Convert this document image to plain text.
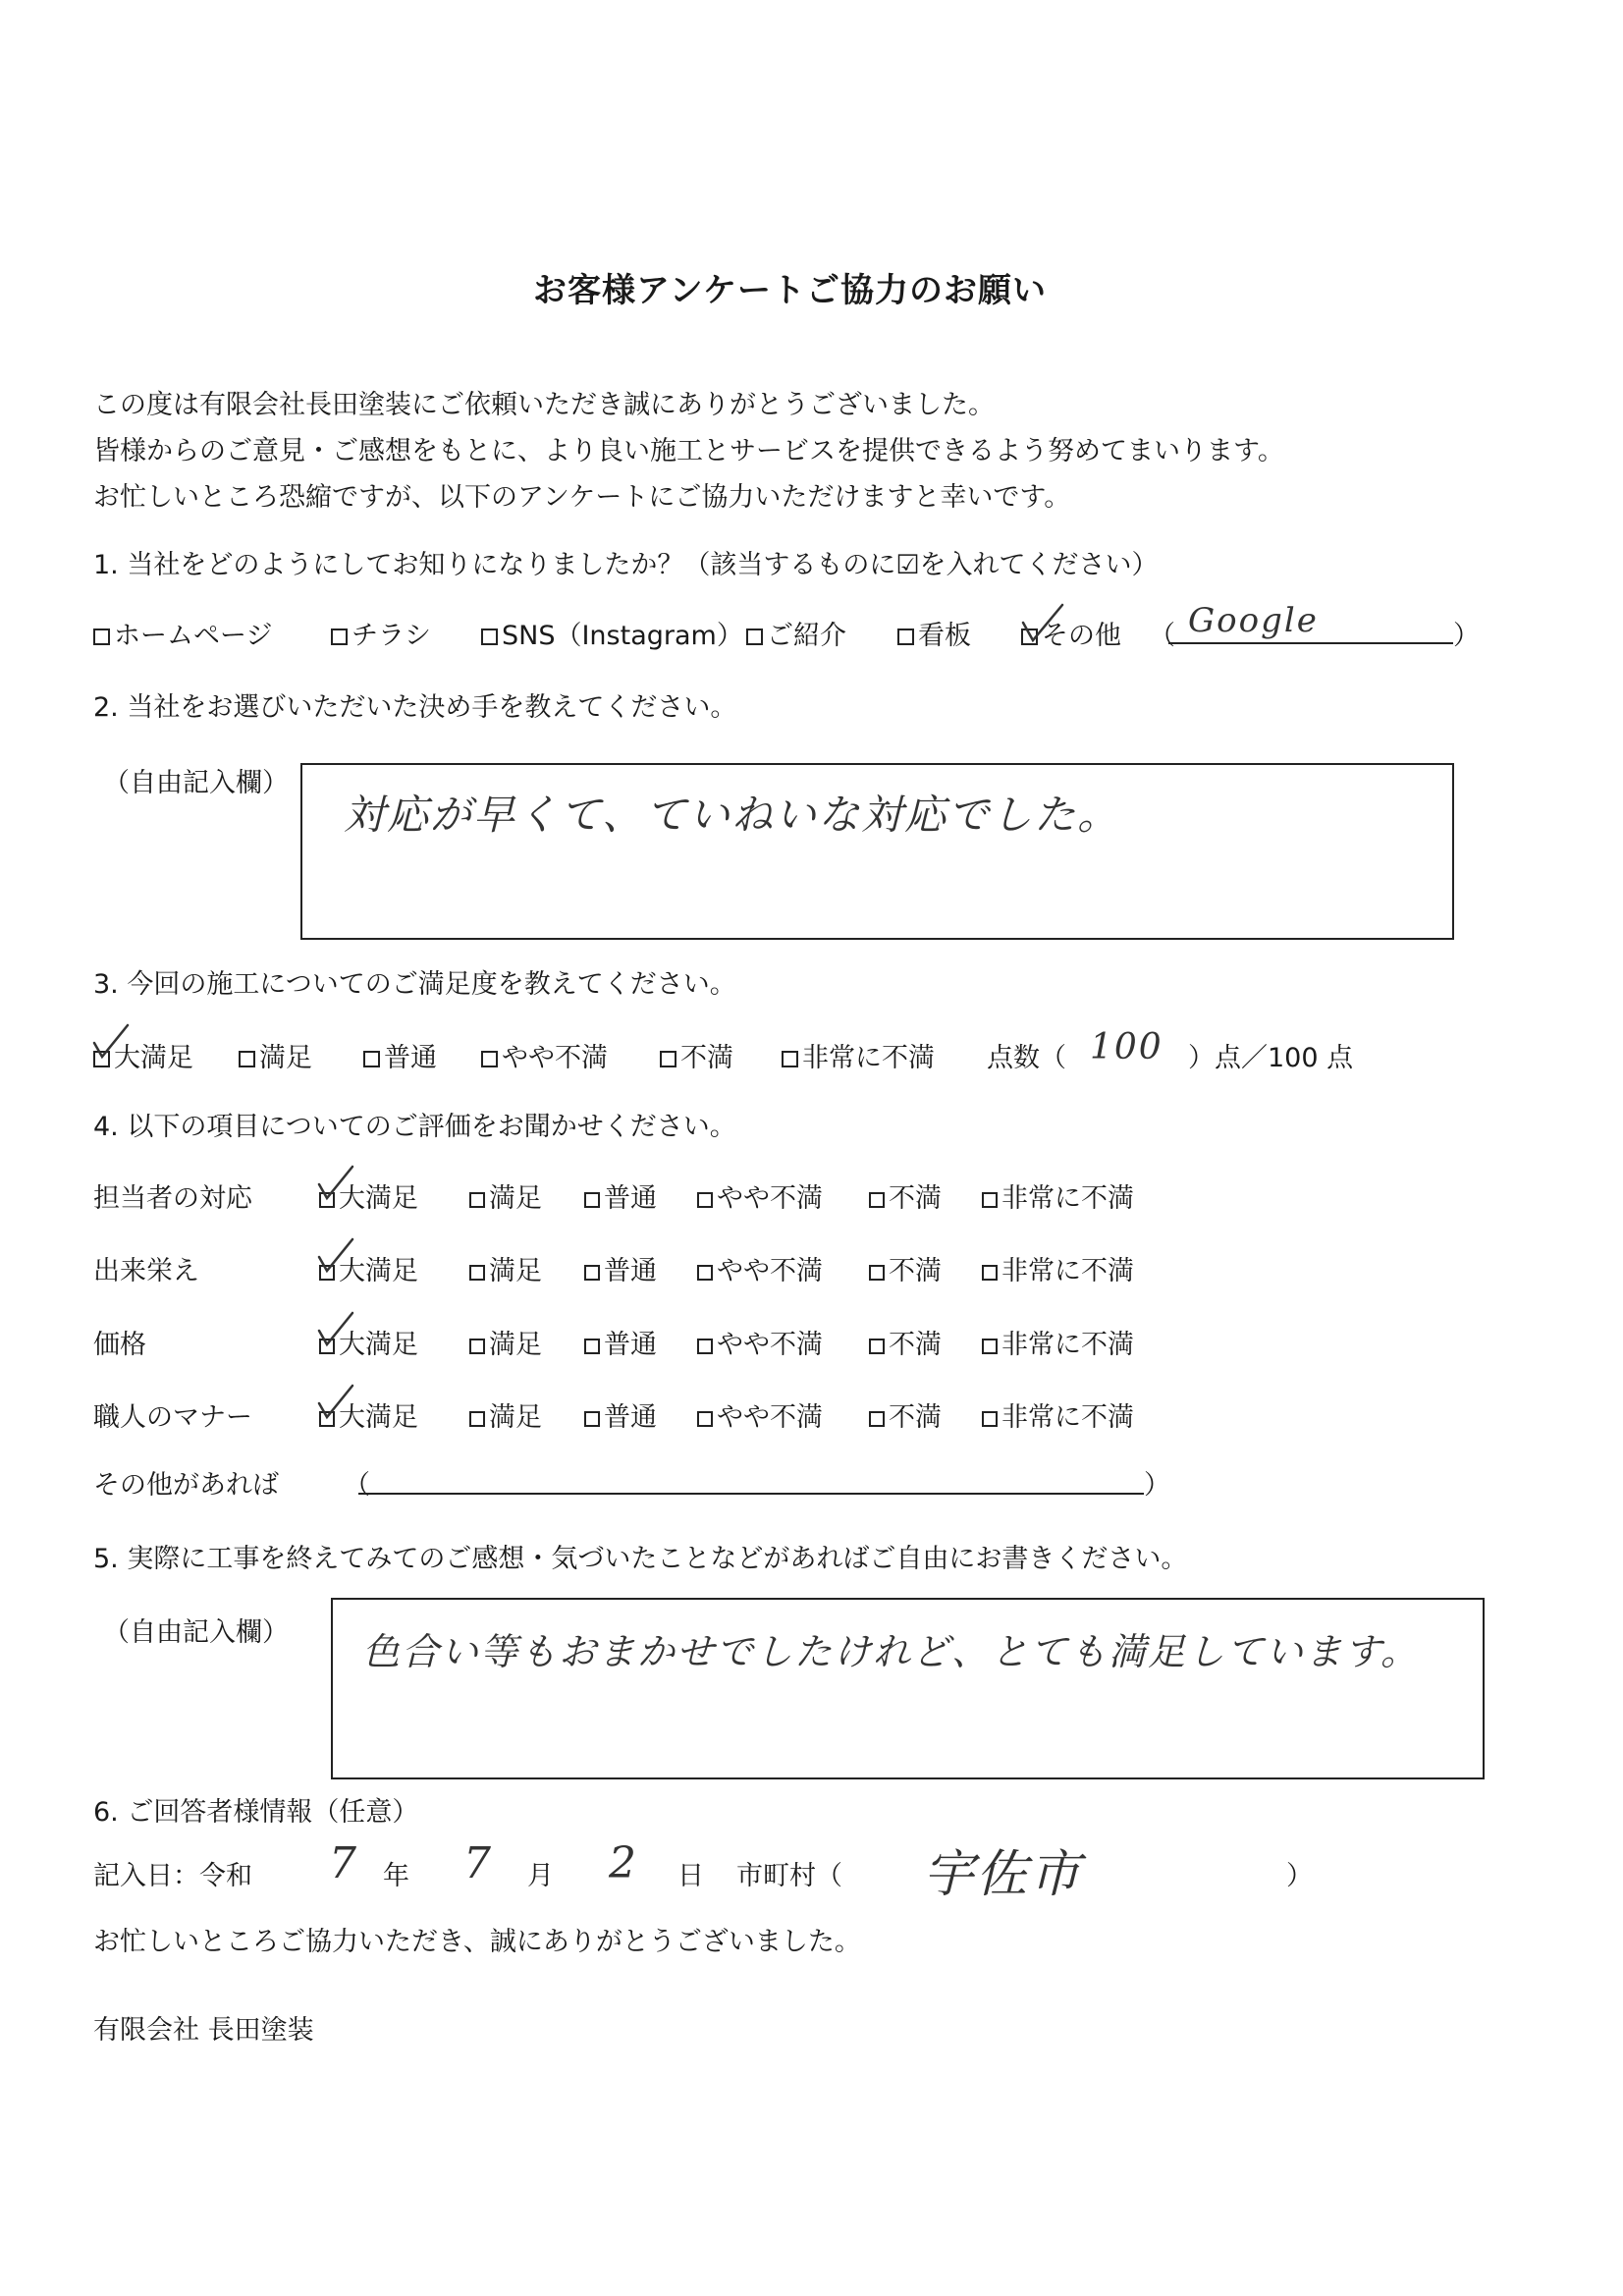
お客様アンケートご協力のお願い
この度は有限会社長田塗装にご依頼いただき誠にありがとうございました。
皆様からのご意見・ご感想をもとに、より良い施工とサービスを提供できるよう努めてまいります。
お忙しいところ恐縮ですが、以下のアンケートにご協力いただけますと幸いです。
1. 当社をどのようにしてお知りになりましたか？（該当するものに☑を入れてください）
ホームページ	チラシ	SNS（Instagram） ご紹介	看板	その他 （ Google	）
2. 当社をお選びいただいた決め手を教えてください。
（自由記入欄）
対応が早くて、ていねいな対応でした。
3. 今回の施工についてのご満足度を教えてください。
大満足	満足	普通	やや不満	不満	非常に不満 点数（ 100 ）点／100 点
4. 以下の項目についてのご評価をお聞かせください。
担当者の対応	大満足	満足	普通	やや不満	不満	非常に不満
出来栄え	大満足	満足	普通	やや不満	不満	非常に不満
価格	大満足	満足	普通	やや不満	不満	非常に不満
職人のマナー	大満足	満足	普通	やや不満	不満	非常に不満
その他があれば （	）
5. 実際に工事を終えてみてのご感想・気づいたことなどがあればご自由にお書きください。
（自由記入欄） 色合い等もおまかせでしたけれど、とても満足しています。
6. ご回答者様情報（任意）
記入日：令和 7 年 7 月 2 日 市町村（ 宇佐市	）
お忙しいところご協力いただき、誠にありがとうございました。
有限会社 長田塗装
